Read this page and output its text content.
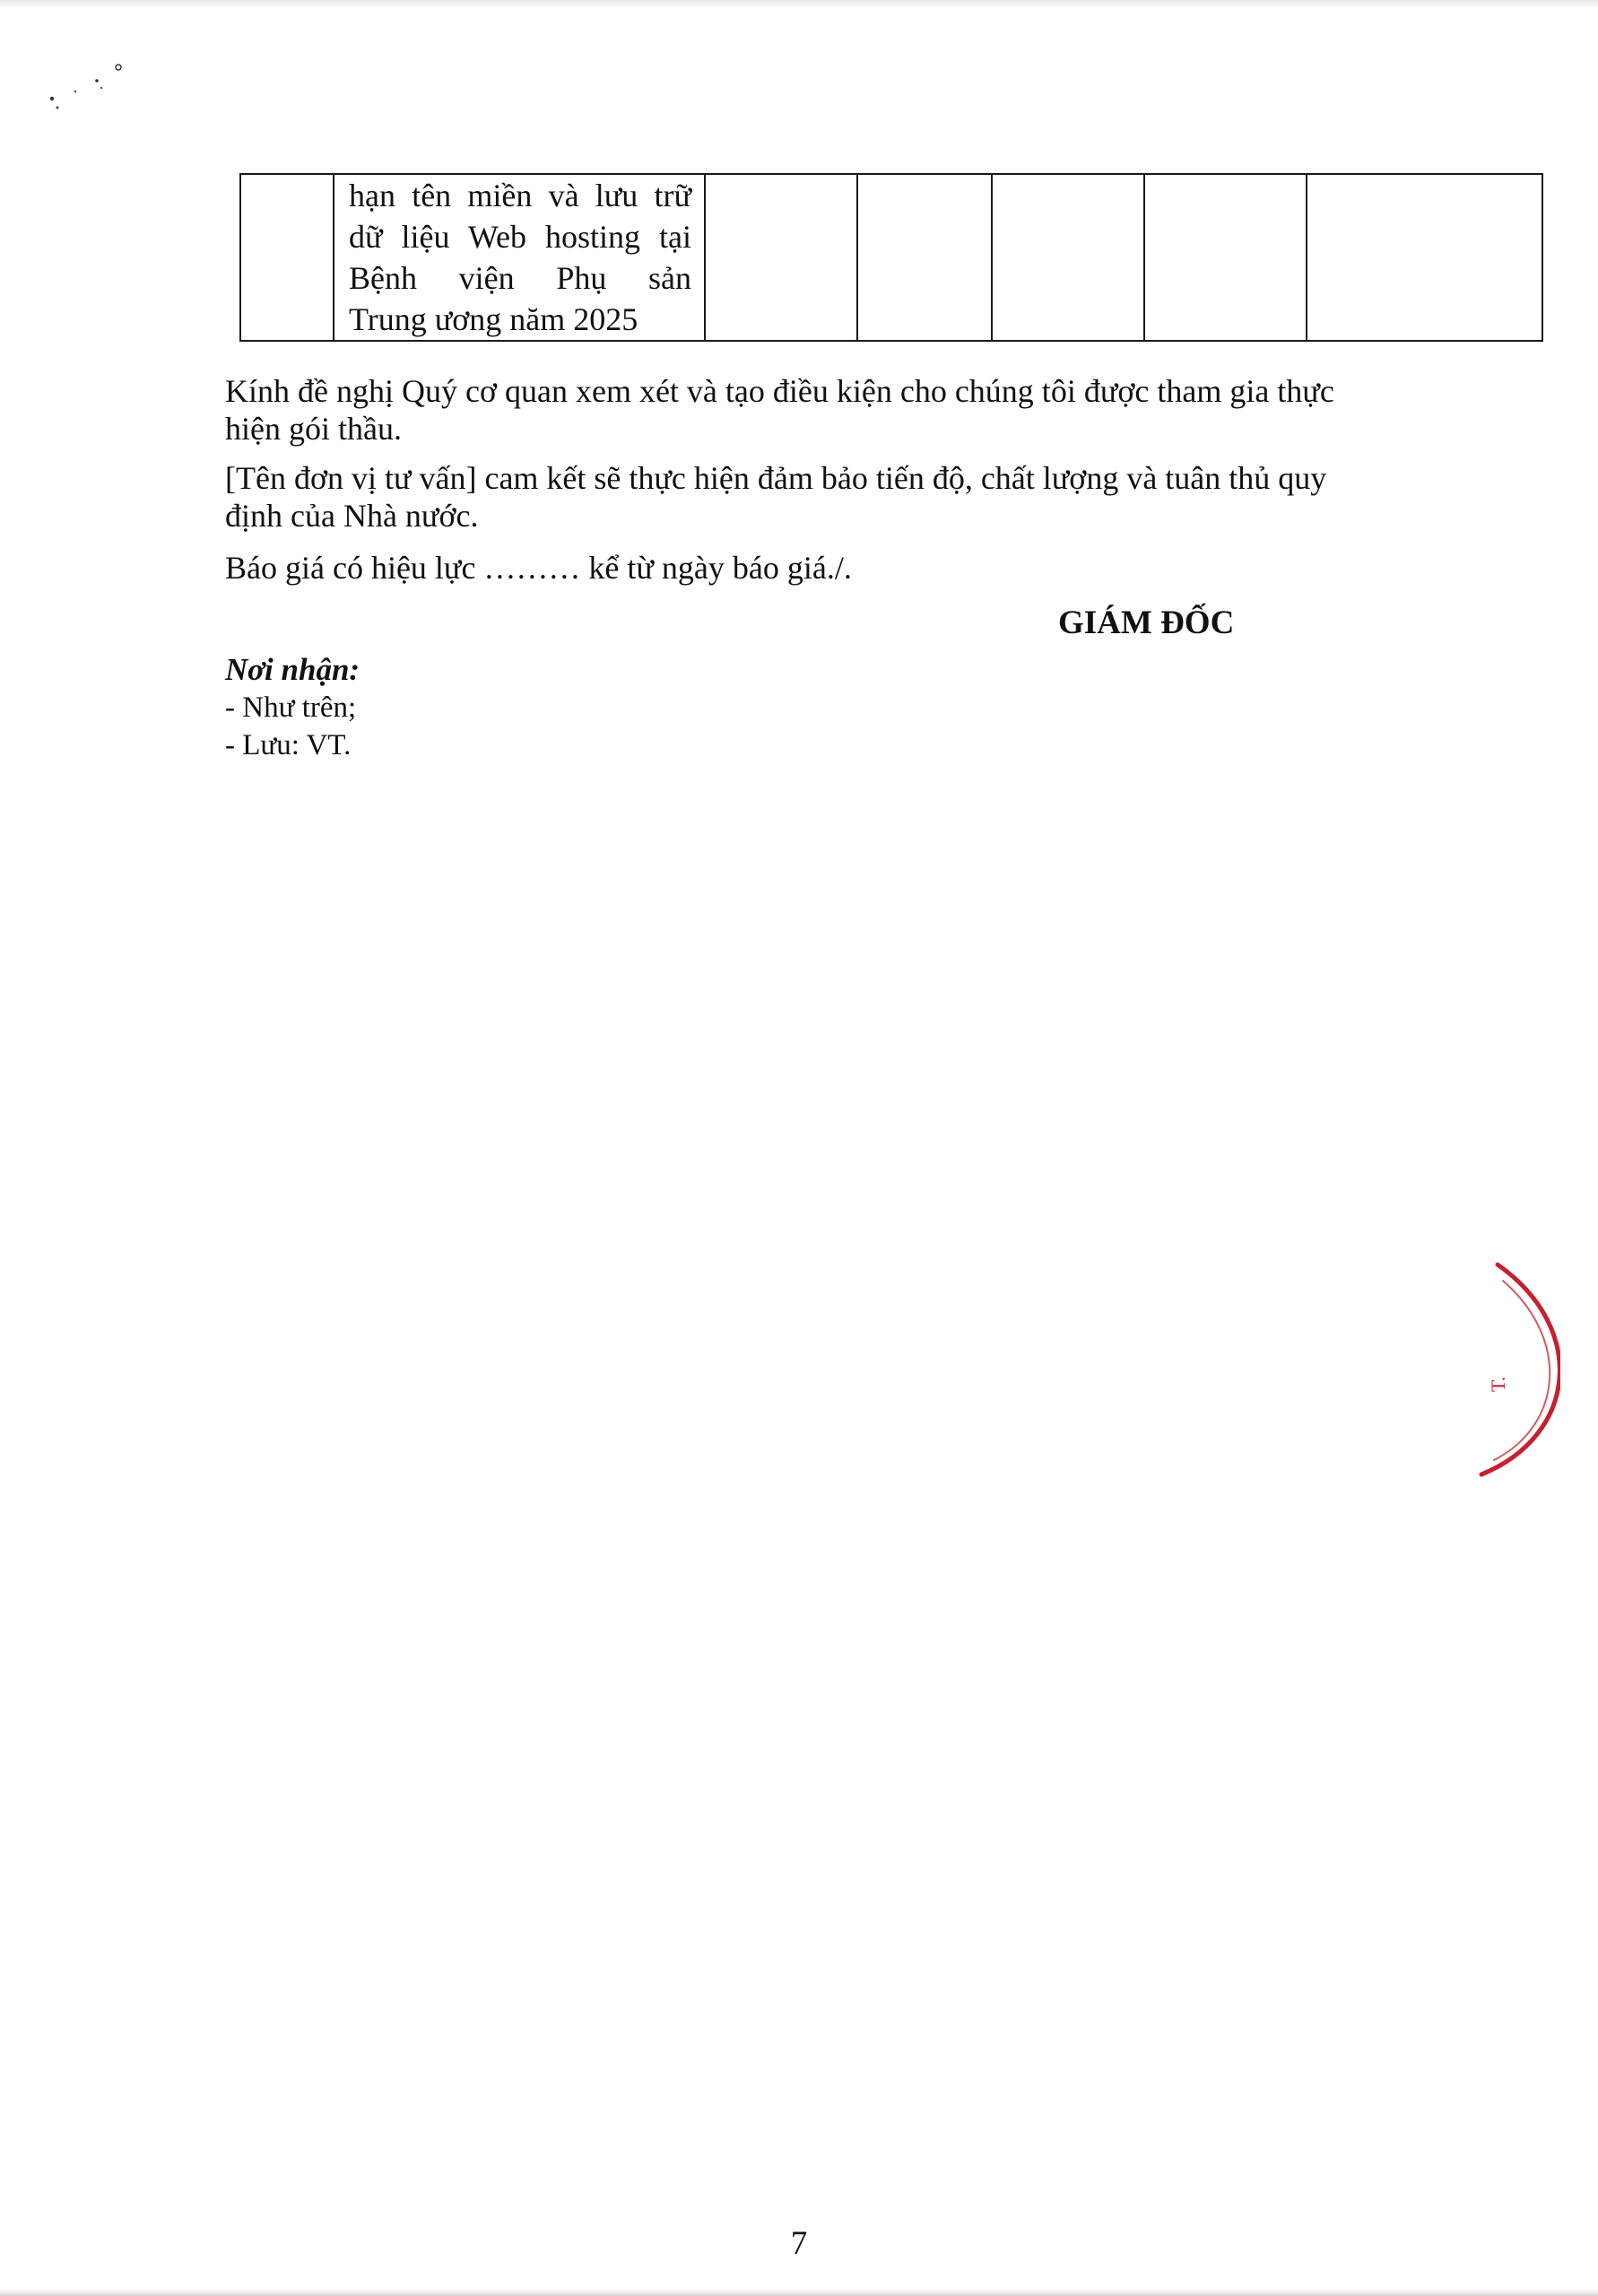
hạn tên miền và lưu trữ
dữ liệu Web hosting tại
Bệnh viện Phụ sản
Trung ương năm 2025

Kính đề nghị Quý cơ quan xem xét và tạo điều kiện cho chúng tôi được tham gia thực
hiện gói thầu.
[Tên đơn vị tư vấn] cam kết sẽ thực hiện đảm bảo tiến độ, chất lượng và tuân thủ quy
định của Nhà nước.
Báo giá có hiệu lực ……… kể từ ngày báo giá./.
GIÁM ĐỐC
Nơi nhận:
- Như trên;
- Lưu: VT.
T.
7
